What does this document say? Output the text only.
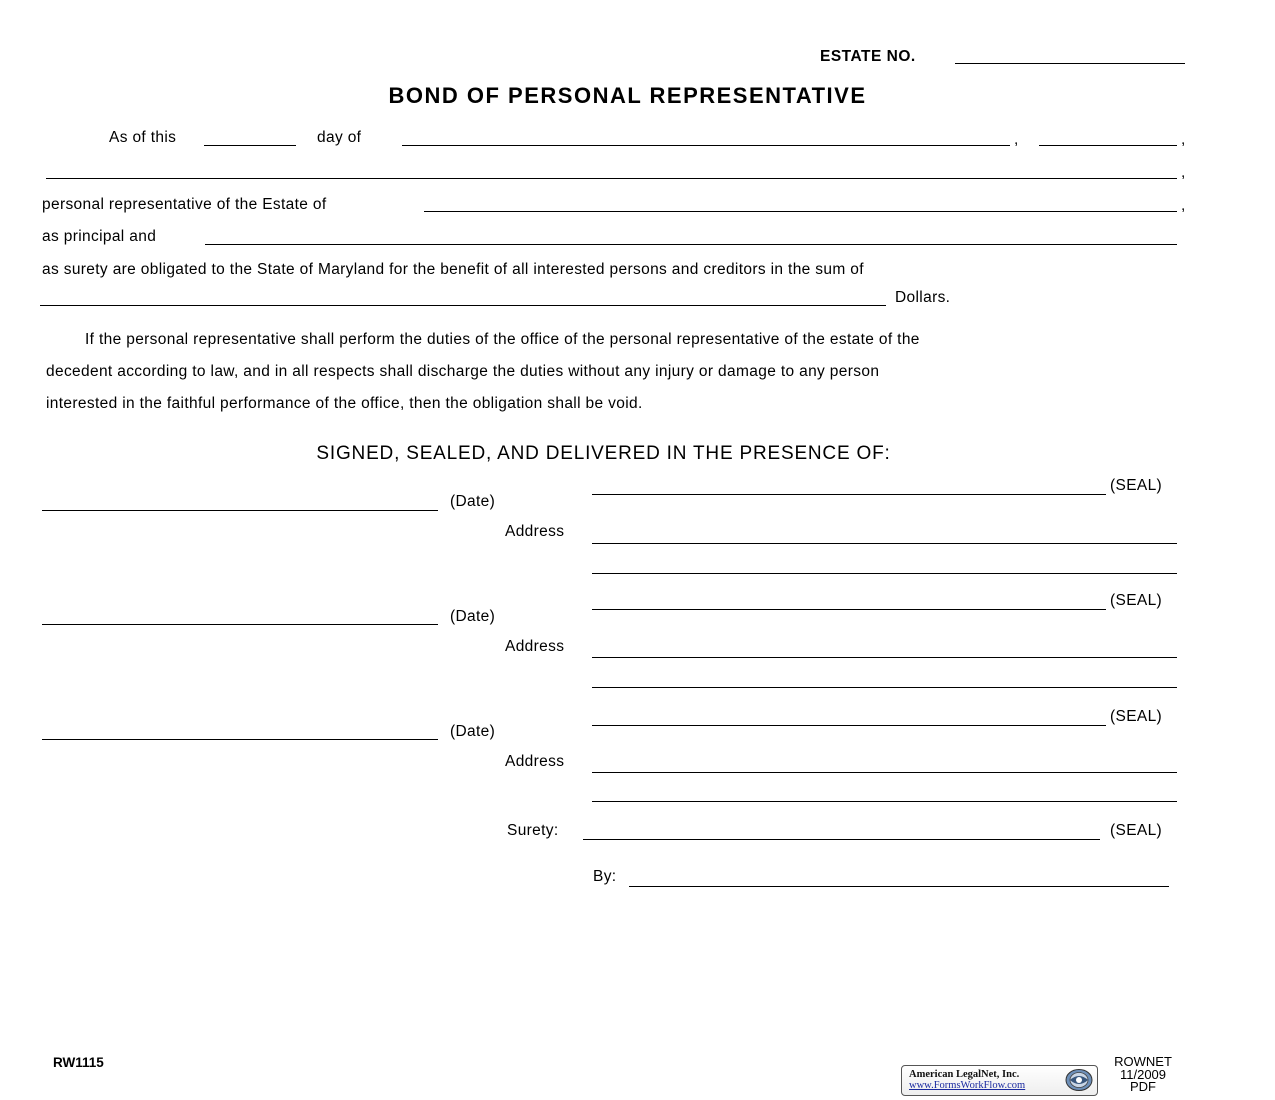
ESTATE NO.
BOND OF PERSONAL REPRESENTATIVE
As of this	day of	,	,
,
personal representative of the Estate of	,
as principal and
as surety are obligated to the State of Maryland for the benefit of all interested persons and creditors in the sum of
Dollars.
If the personal representative shall perform the duties of the office of the personal representative of the estate of the
decedent according to law, and in all respects shall discharge the duties without any injury or damage to any person
interested in the faithful performance of the office, then the obligation shall be void.
SIGNED, SEALED, AND DELIVERED IN THE PRESENCE OF:
(SEAL)
(Date)
Address
(SEAL)
(Date)
Address
(SEAL)
(Date)
Address
Surety:	(SEAL)
By:
RW1115
American LegalNet, Inc.
www.FormsWorkFlow.com
ROWNET
11/2009
PDF
